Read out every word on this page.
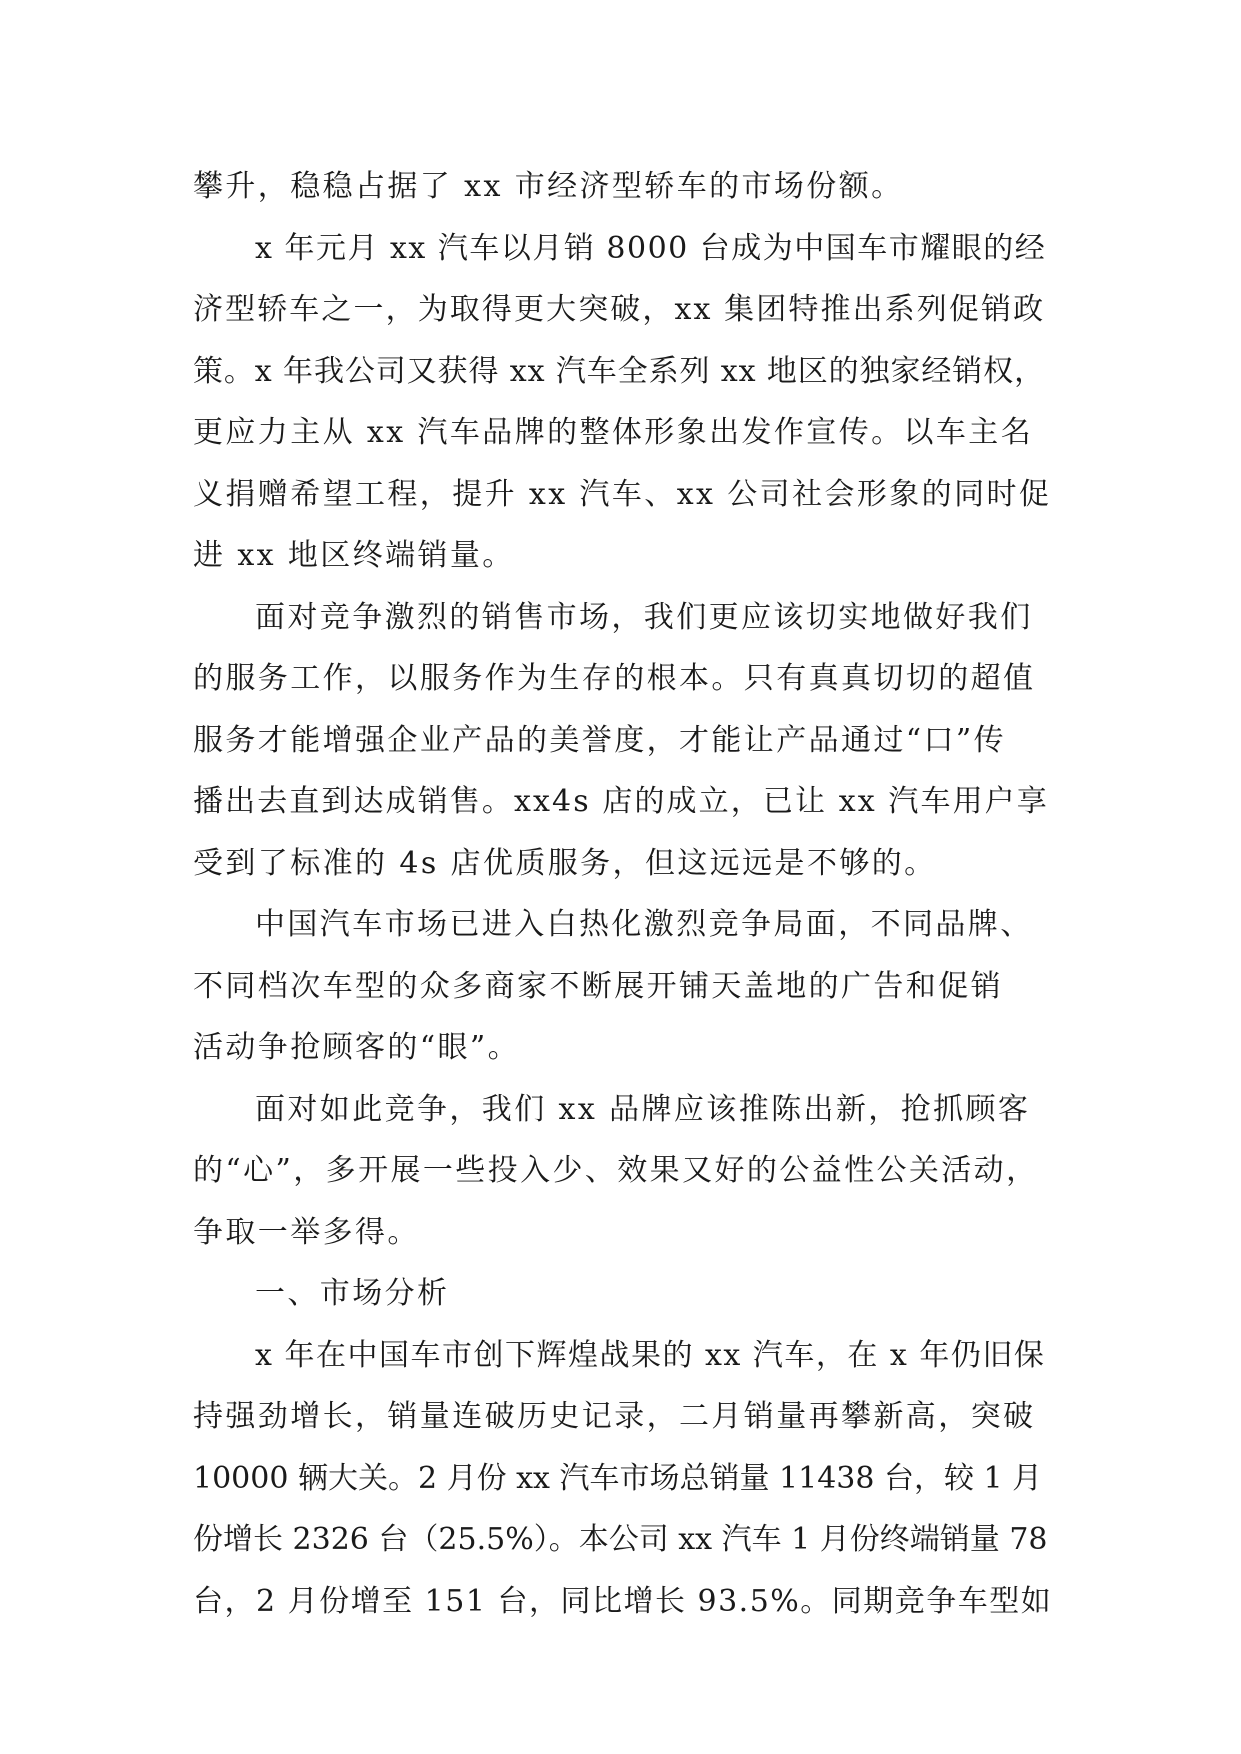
攀升，稳稳占据了 xx 市经济型轿车的市场份额。
x 年元月 xx 汽车以月销 8000 台成为中国车市耀眼的经
济型轿车之一，为取得更大突破，xx 集团特推出系列促销政
策。x 年我公司又获得 xx 汽车全系列 xx 地区的独家经销权，
更应力主从 xx 汽车品牌的整体形象出发作宣传。以车主名
义捐赠希望工程，提升 xx 汽车、xx 公司社会形象的同时促
进 xx 地区终端销量。
面对竞争激烈的销售市场，我们更应该切实地做好我们
的服务工作，以服务作为生存的根本。只有真真切切的超值
服务才能增强企业产品的美誉度，才能让产品通过“口”传
播出去直到达成销售。xx4s 店的成立，已让 xx 汽车用户享
受到了标准的 4s 店优质服务，但这远远是不够的。
中国汽车市场已进入白热化激烈竞争局面，不同品牌、
不同档次车型的众多商家不断展开铺天盖地的广告和促销
活动争抢顾客的“眼”。
面对如此竞争，我们 xx 品牌应该推陈出新，抢抓顾客
的“心”，多开展一些投入少、效果又好的公益性公关活动，
争取一举多得。
一、市场分析
x 年在中国车市创下辉煌战果的 xx 汽车，在 x 年仍旧保
持强劲增长，销量连破历史记录，二月销量再攀新高，突破
10000 辆大关。2 月份 xx 汽车市场总销量 11438 台，较 1 月
份增长 2326 台（25.5%）。本公司 xx 汽车 1 月份终端销量 78
台，2 月份增至 151 台，同比增长 93.5%。同期竞争车型如
